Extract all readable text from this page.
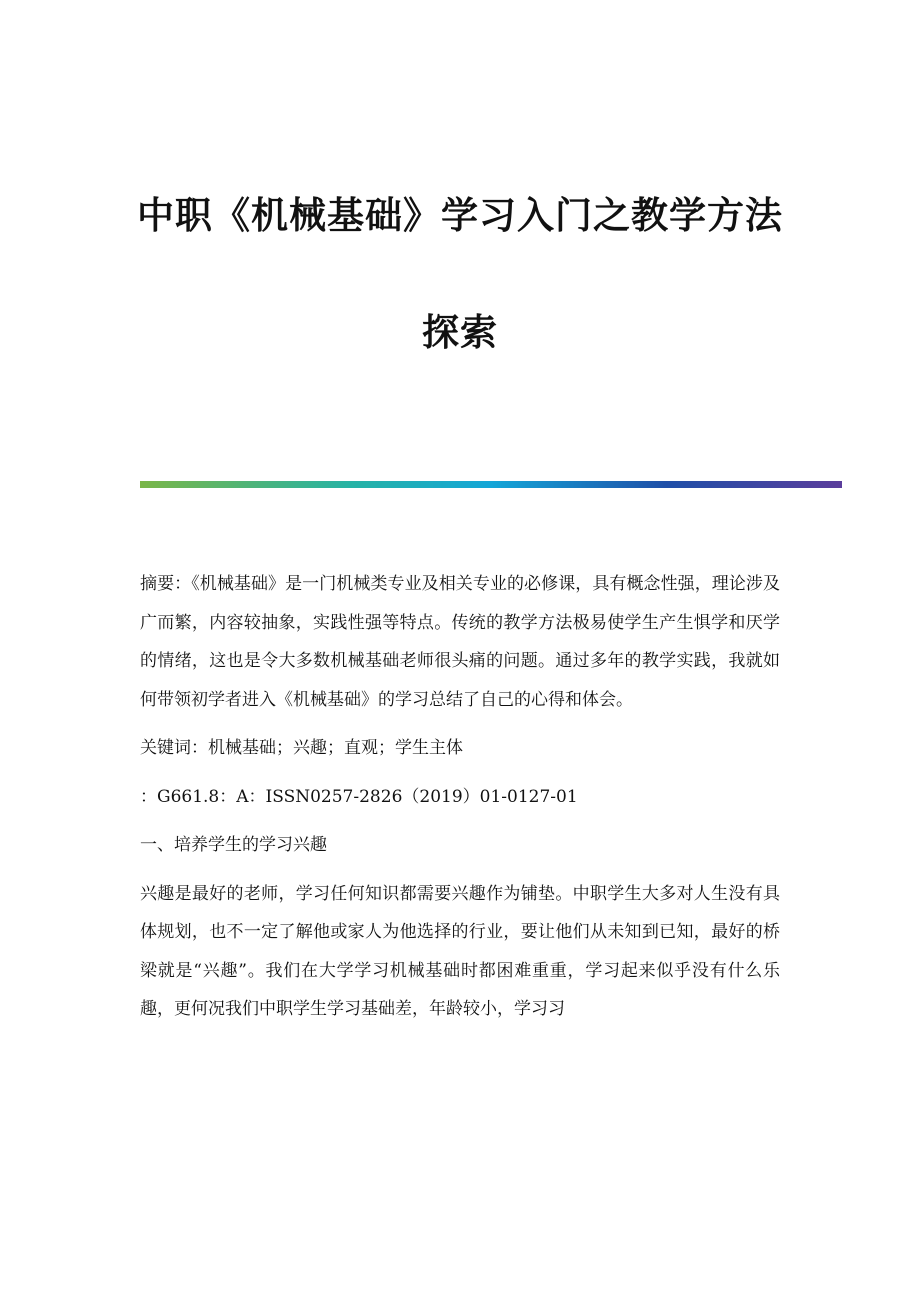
中职《机械基础》学习入门之教学方法

探索

摘要：《机械基础》是一门机械类专业及相关专业的必修课，具有概念性强，理论涉及广而繁，内容较抽象，实践性强等特点。传统的教学方法极易使学生产生惧学和厌学的情绪，这也是令大多数机械基础老师很头痛的问题。通过多年的教学实践，我就如何带领初学者进入《机械基础》的学习总结了自己的心得和体会。

关键词：机械基础；兴趣；直观；学生主体

：G661.8：A：ISSN0257-2826（2019）01-0127-01

一、培养学生的学习兴趣

兴趣是最好的老师，学习任何知识都需要兴趣作为铺垫。中职学生大多对人生没有具体规划，也不一定了解他或家人为他选择的行业，要让他们从未知到已知，最好的桥梁就是“兴趣”。我们在大学学习机械基础时都困难重重，学习起来似乎没有什么乐趣，更何况我们中职学生学习基础差，年龄较小，学习习
